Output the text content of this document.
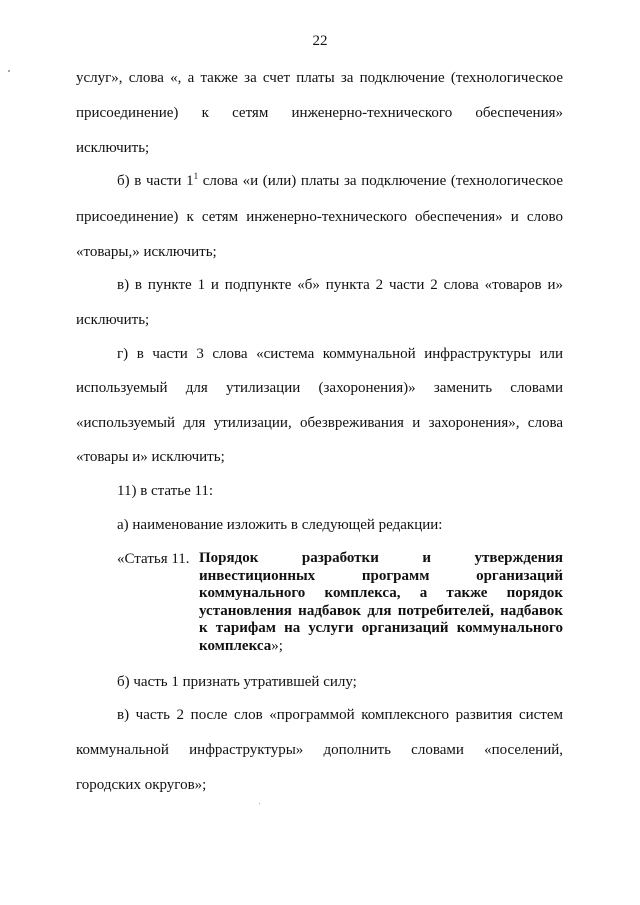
22
услуг», слова «, а также за счет платы за подключение (технологическое
присоединение) к сетям инженерно-технического обеспечения»
исключить;
б) в части $1^1$ слова «и (или) платы за подключение (технологическое
присоединение) к сетям инженерно-технического обеспечения» и слово
«товары,» исключить;
в) в пункте 1 и подпункте «б» пункта 2 части 2 слова «товаров и»
исключить;
г) в части 3 слова «система коммунальной инфраструктуры или
используемый для утилизации (захоронения)» заменить словами
«используемый для утилизации, обезвреживания и захоронения», слова
«товары и» исключить;
11) в статье 11:
а) наименование изложить в следующей редакции:
«Статья 11. Порядок разработки и утверждения
инвестиционных программ организаций
коммунального комплекса, а также порядок
установления надбавок для потребителей, надбавок
к тарифам на услуги организаций коммунального
комплекса»;
б) часть 1 признать утратившей силу;
в) часть 2 после слов «программой комплексного развития систем
коммунальной инфраструктуры» дополнить словами «поселений,
городских округов»;
